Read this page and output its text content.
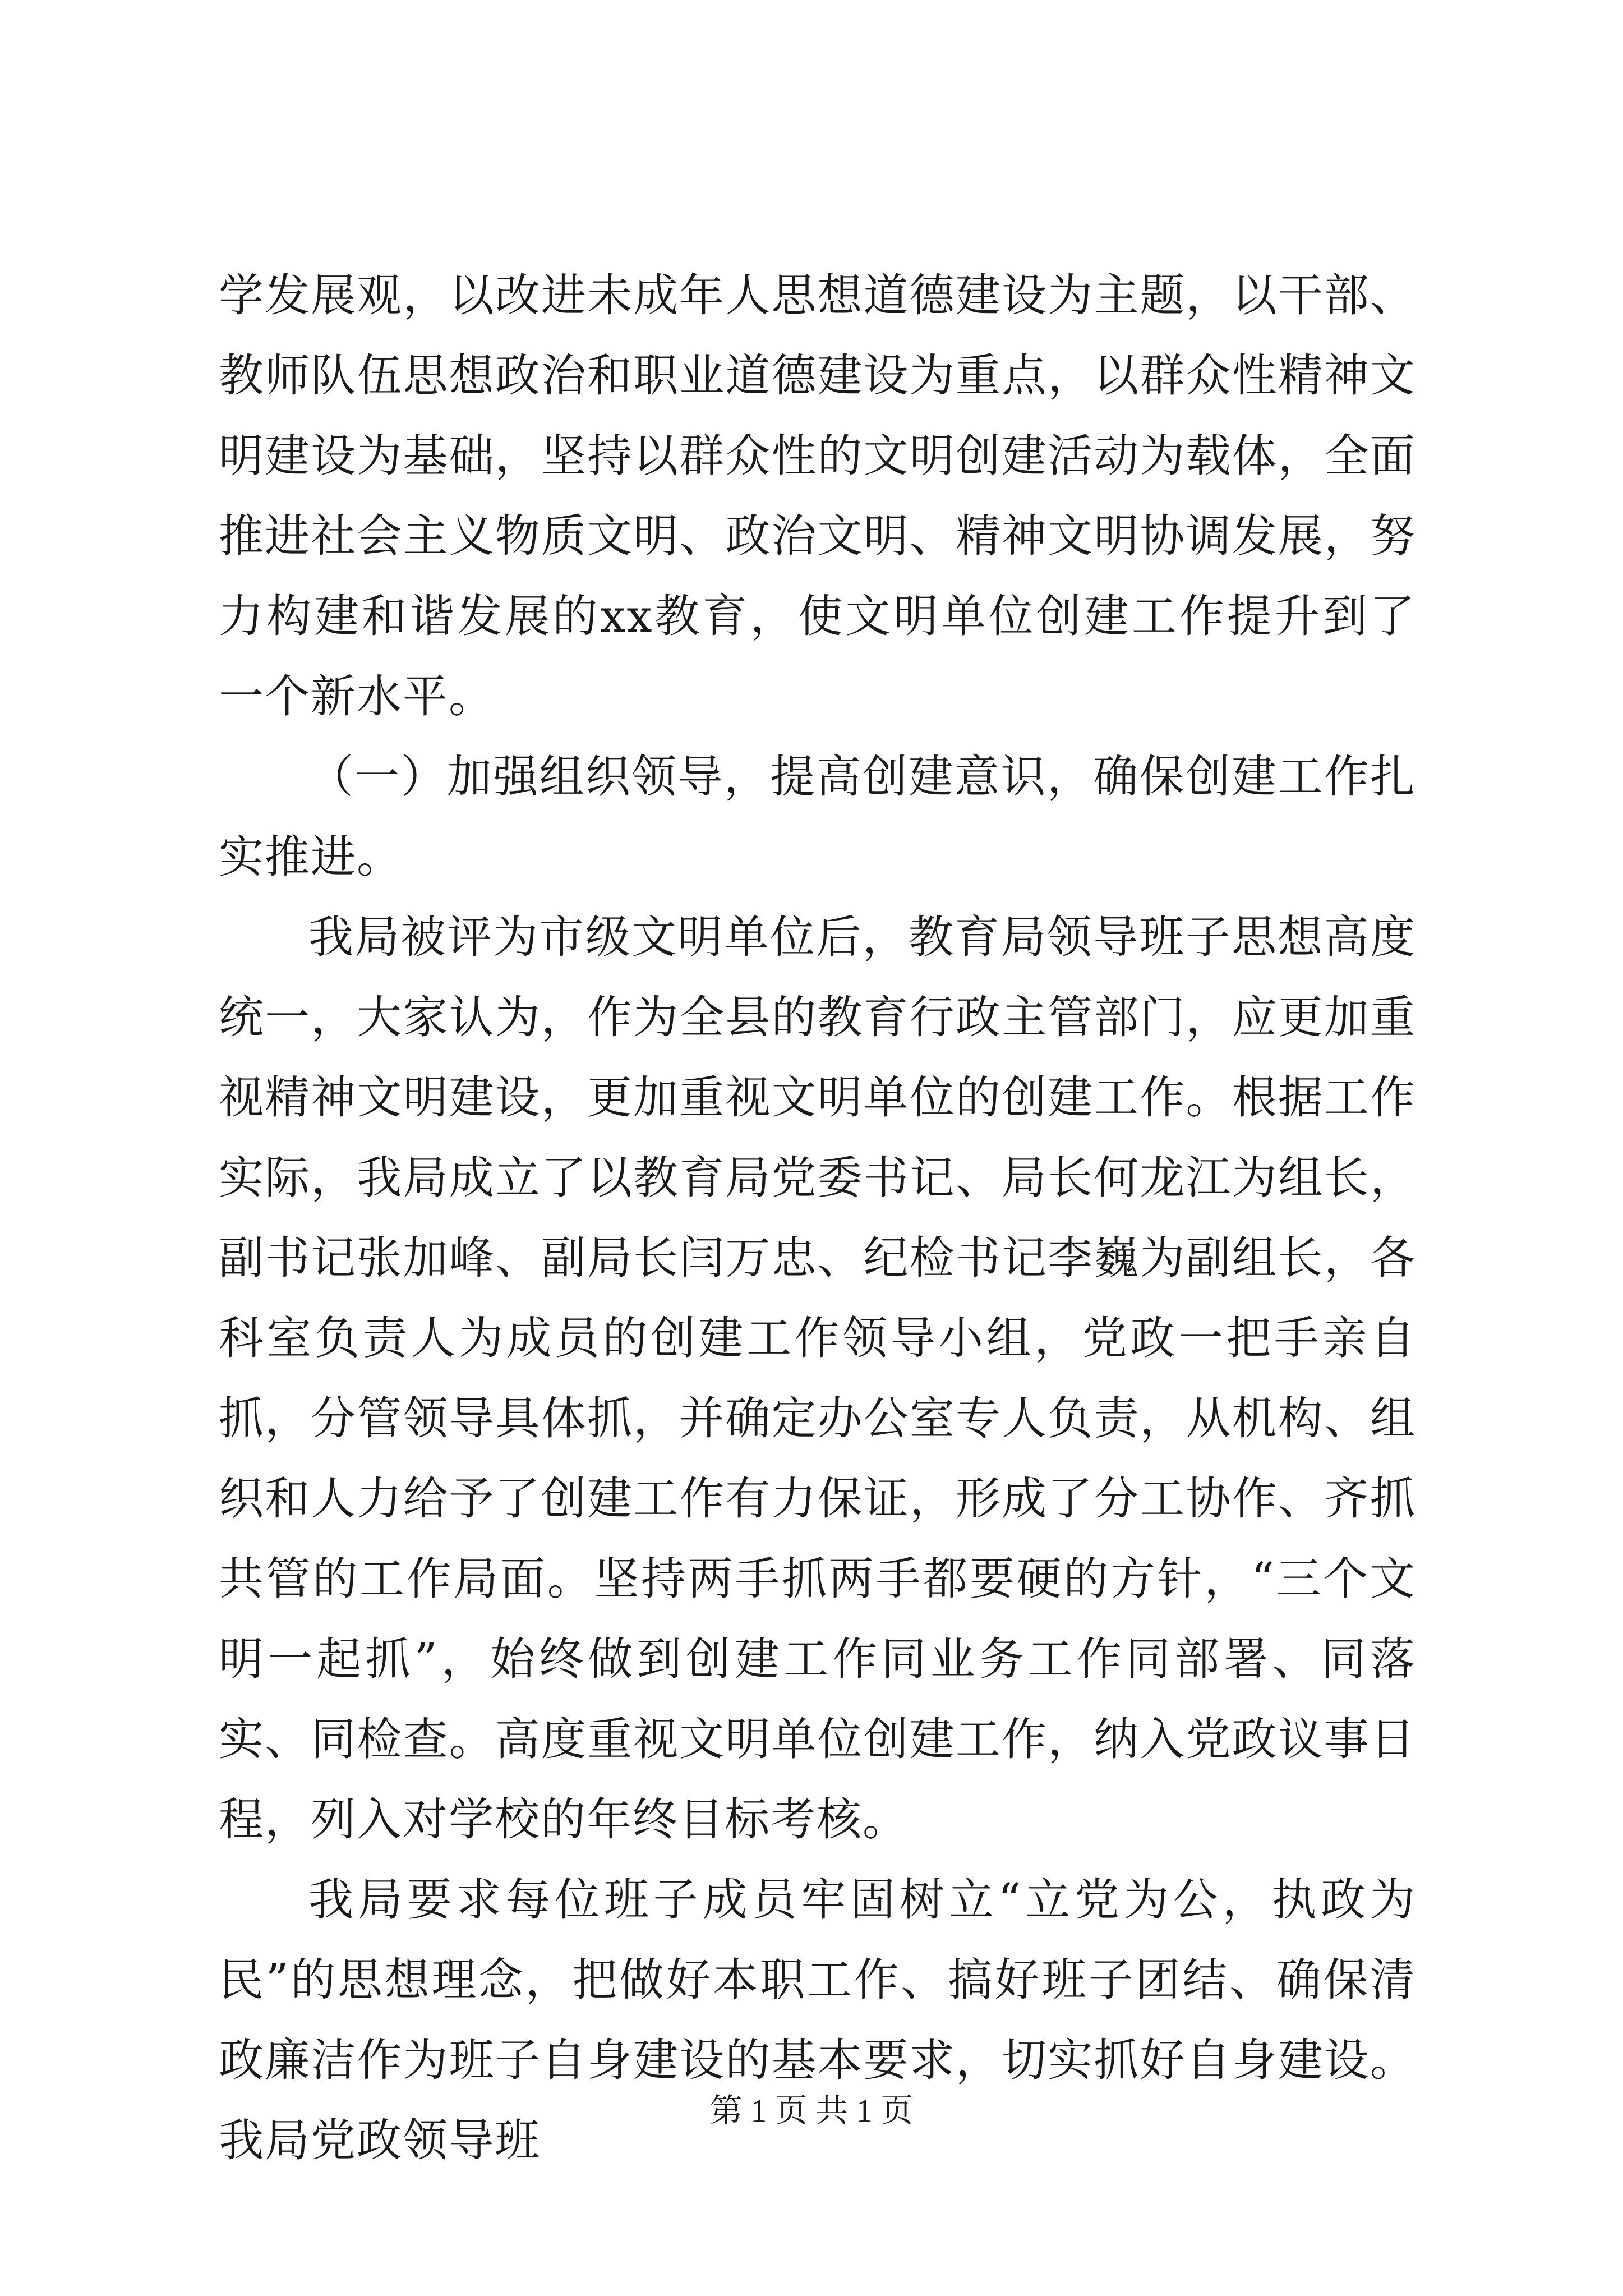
学发展观，以改进未成年人思想道德建设为主题，以干部、教师队伍思想政治和职业道德建设为重点，以群众性精神文明建设为基础，坚持以群众性的文明创建活动为载体，全面推进社会主义物质文明、政治文明、精神文明协调发展，努力构建和谐发展的xx教育，使文明单位创建工作提升到了一个新水平。

（一）加强组织领导，提高创建意识，确保创建工作扎实推进。

我局被评为市级文明单位后，教育局领导班子思想高度统一，大家认为，作为全县的教育行政主管部门，应更加重视精神文明建设，更加重视文明单位的创建工作。根据工作实际，我局成立了以教育局党委书记、局长何龙江为组长，副书记张加峰、副局长闫万忠、纪检书记李巍为副组长，各科室负责人为成员的创建工作领导小组，党政一把手亲自抓，分管领导具体抓，并确定办公室专人负责，从机构、组织和人力给予了创建工作有力保证，形成了分工协作、齐抓共管的工作局面。坚持两手抓两手都要硬的方针，“三个文明一起抓”，始终做到创建工作同业务工作同部署、同落实、同检查。高度重视文明单位创建工作，纳入党政议事日程，列入对学校的年终目标考核。

我局要求每位班子成员牢固树立“立党为公，执政为民”的思想理念，把做好本职工作、搞好班子团结、确保清政廉洁作为班子自身建设的基本要求，切实抓好自身建设。我局党政领导班

第 1 页 共 1 页
